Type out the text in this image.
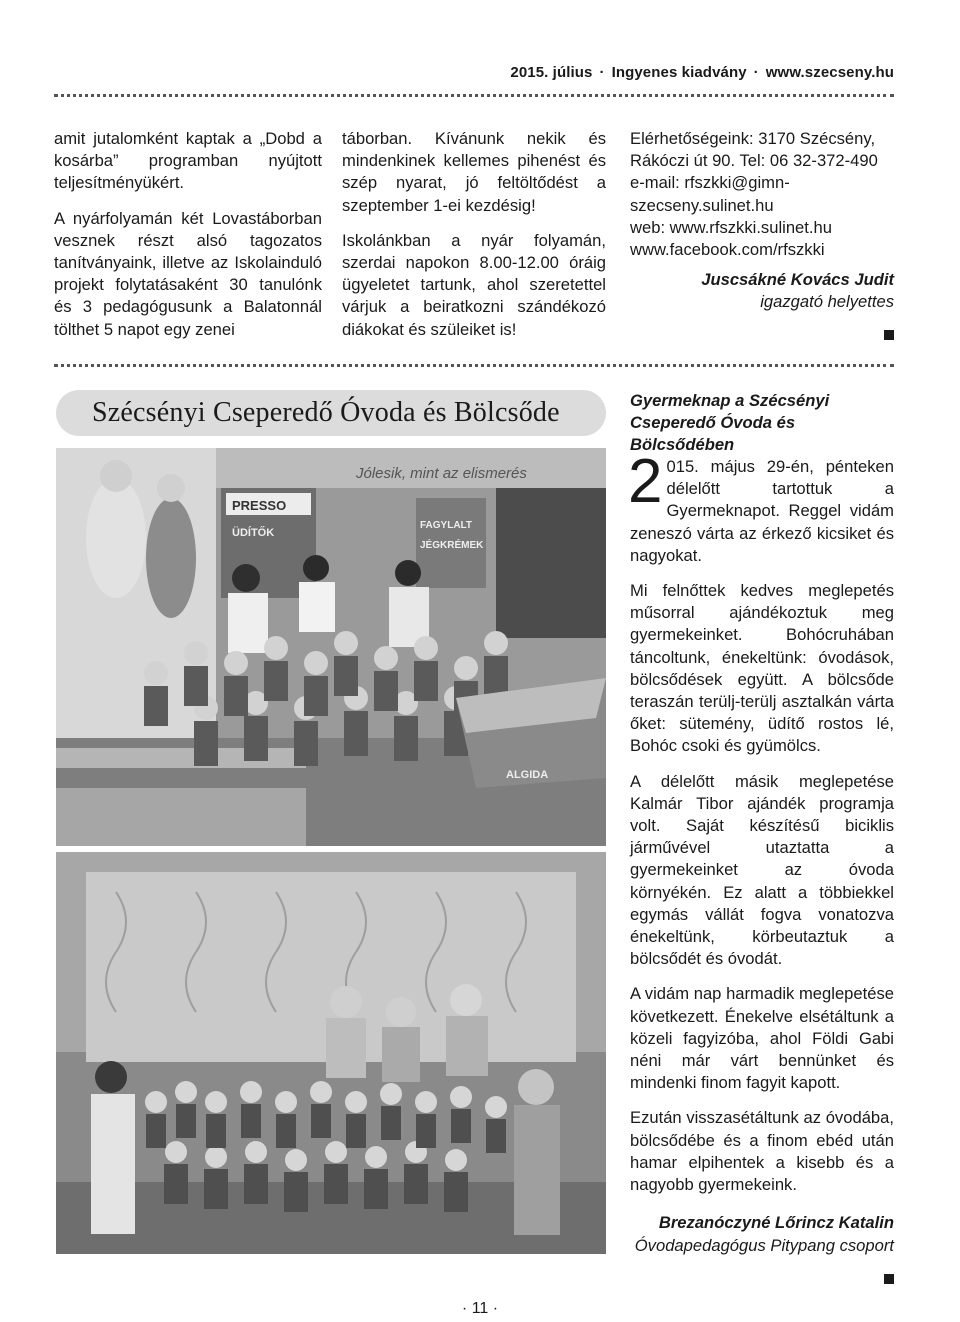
2015. július · Ingyenes kiadvány · www.szecseny.hu

amit jutalomként kaptak a „Dobd a kosárba” programban nyújtott teljesítményükért.

A nyárfolyamán két Lovastáborban vesznek részt alsó tagozatos tanítványaink, illetve az Iskolainduló projekt folytatásaként 30 tanulónk és 3 pedagógusunk a Balatonnál tölthet 5 napot egy zenei

táborban. Kívánunk nekik és mindenkinek kellemes pihenést és szép nyarat, jó feltöltődést a szeptember 1-ei kezdésig!

Iskolánkban a nyár folyamán, szerdai napokon 8.00-12.00 óráig ügyeletet tartunk, ahol szeretettel várjuk a beiratkozni szándékozó diákokat és szüleiket is!

Elérhetőségeink: 3170 Szécsény, Rákóczi út 90. Tel: 06 32-372-490

e-mail: rfszkki@gimn-szecseny.sulinet.hu

web: www.rfszkki.sulinet.hu

www.facebook.com/rfszkki

Juscsákné Kovács Judit
igazgató helyettes

Szécsényi Cseperedő Óvoda és Bölcsőde
Jólesik, mint az elismerés
PRESSO
ÜDÍTŐK
FAGYLALT
JÉGKRÉMEK
ALGIDA

Gyermeknap a Szécsényi Cseperedő Óvoda és Bölcsődében

2 015. május 29-én, pénteken délelőtt tartottuk a Gyermeknapot. Reggel vidám zeneszó várta az érkező kicsiket és nagyokat.

Mi felnőttek kedves meglepetés műsorral ajándékoztuk meg gyermekeinket. Bohócruhában táncoltunk, énekeltünk: óvodások, bölcsődések együtt. A bölcsőde teraszán terülj-terülj asztalkán várta őket: sütemény, üdítő rostos lé, Bohóc csoki és gyümölcs.

A délelőtt másik meglepetése Kalmár Tibor ajándék programja volt. Saját készítésű biciklis járművével utaztatta a gyermekeinket az óvoda környékén. Ez alatt a többiekkel egymás vállát fogva vonatozva énekeltünk, körbeutaztuk a bölcsődét és óvodát.

A vidám nap harmadik meglepetése következett. Énekelve elsétáltunk a közeli fagyizóba, ahol Földi Gabi néni már várt bennünket és mindenki finom fagyit kapott.

Ezután visszasétáltunk az óvodába, bölcsődébe és a finom ebéd után hamar elpihentek a kisebb és a nagyobb gyermekeink.

Brezanóczyné Lőrincz Katalin
Óvodapedagógus Pitypang csoport

· 11 ·
